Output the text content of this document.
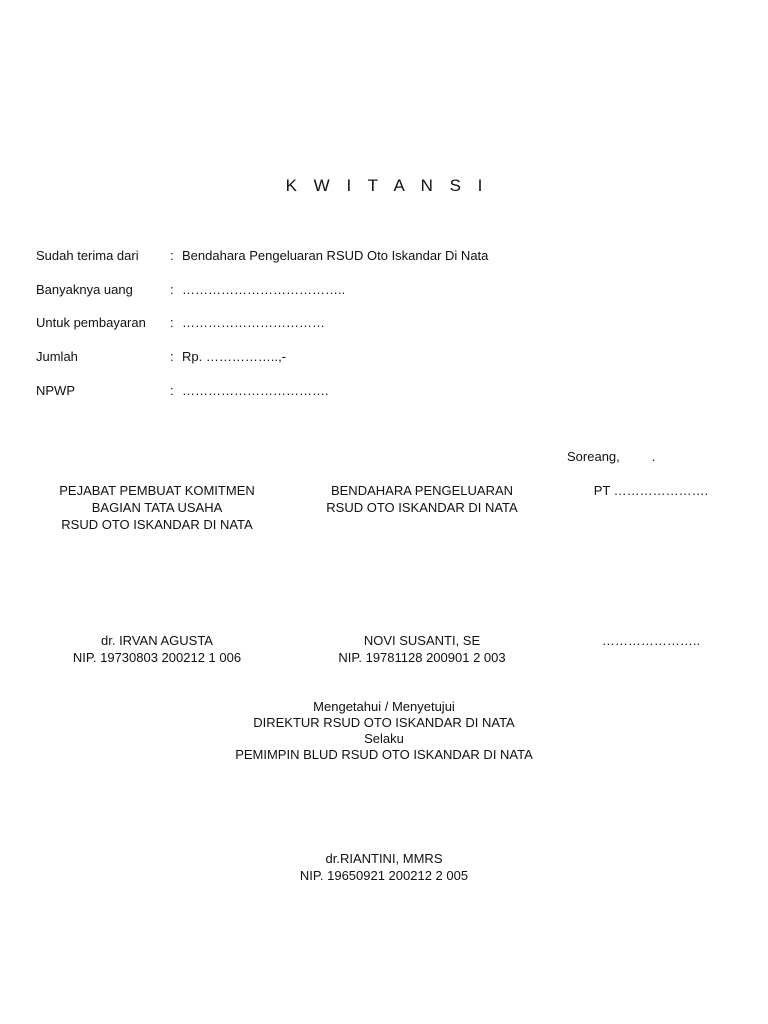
K W I T A N S I
Sudah terima dari : Bendahara Pengeluaran RSUD Oto Iskandar Di Nata
Banyaknya uang	: ………………………………..
Untuk pembayaran : ……………………………
Jumlah	: Rp. ……………..,-
NPWP	: …………………………….
Soreang, .
PEJABAT PEMBUAT KOMITMEN
BAGIAN TATA USAHA
RSUD OTO ISKANDAR DI NATA
BENDAHARA PENGELUARAN
RSUD OTO ISKANDAR DI NATA
PT ………………….
dr. IRVAN AGUSTA
NIP. 19730803 200212 1 006
NOVI SUSANTI, SE
NIP. 19781128 200901 2 003
…………………..
Mengetahui / Menyetujui
DIREKTUR RSUD OTO ISKANDAR DI NATA
Selaku
PEMIMPIN BLUD RSUD OTO ISKANDAR DI NATA
dr.RIANTINI, MMRS
NIP. 19650921 200212 2 005
